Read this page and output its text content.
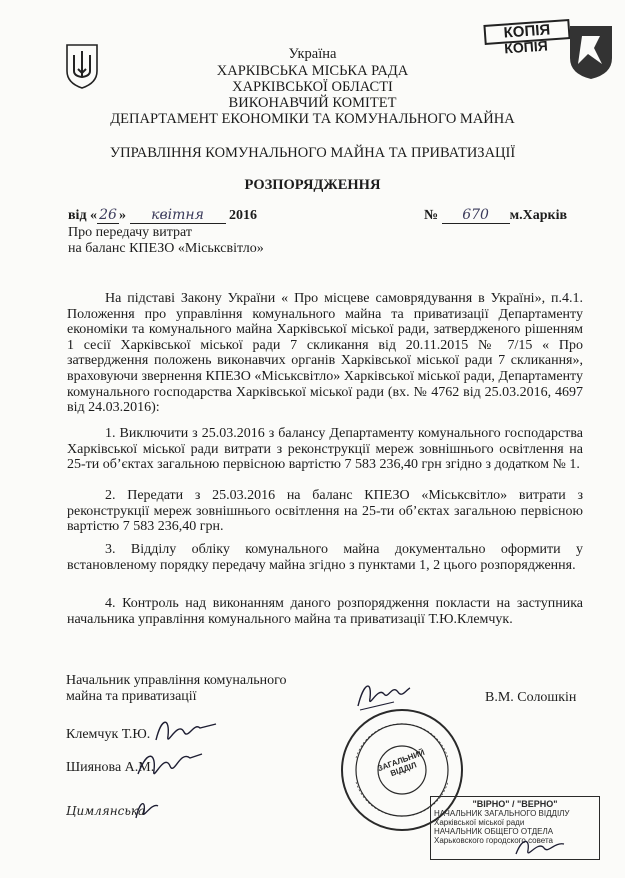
КОПІЯ
КОПІЯ
Україна
ХАРКІВСЬКА МІСЬКА РАДА
ХАРКІВСЬКОЇ ОБЛАСТІ
ВИКОНАВЧИЙ КОМІТЕТ
ДЕПАРТАМЕНТ ЕКОНОМІКИ ТА КОМУНАЛЬНОГО МАЙНА
УПРАВЛІННЯ КОМУНАЛЬНОГО МАЙНА ТА ПРИВАТИЗАЦІЇ
РОЗПОРЯДЖЕННЯ
від « 26 » квітня 2016	№ 670 м.Харків
Про передачу витрат
на баланс КПЕЗО «Міськсвітло»
На підставі Закону України « Про місцеве самоврядування в Україні», п.4.1. Положення про управління комунального майна та приватизації Департаменту економіки та комунального майна Харківської міської ради, затвердженого рішенням 1 сесії Харківської міської ради 7 скликання від 20.11.2015 № 7/15 « Про затвердження положень виконавчих органів Харківської міської ради 7 скликання», враховуючи звернення КПЕЗО «Міськсвітло» Харківської міської ради, Департаменту комунального господарства Харківської міської ради (вх. № 4762 від 25.03.2016, 4697 від 24.03.2016):
1. Виключити з 25.03.2016 з балансу Департаменту комунального господарства Харківської міської ради витрати з реконструкції мереж зовнішнього освітлення на 25-ти об’єктах загальною первісною вартістю 7 583 236,40 грн згідно з додатком № 1.
2. Передати з 25.03.2016 на баланс КПЕЗО «Міськсвітло» витрати з реконструкції мереж зовнішнього освітлення на 25-ти об’єктах загальною первісною вартістю 7 583 236,40 грн.
3. Відділу обліку комунального майна документально оформити у встановленому порядку передачу майна згідно з пунктами 1, 2 цього розпорядження.
4. Контроль над виконанням даного розпорядження покласти на заступника начальника управління комунального майна та приватизації Т.Ю.Клемчук.
Начальник управління комунального
майна та приватизації	В.М. Солошкін
Клемчук Т.Ю.
Шиянова А.М.
Цимлянська
ЗАГАЛЬНИЙ ВІДДІЛ
"ВІРНО" / "ВЕРНО"
НАЧАЛЬНИК ЗАГАЛЬНОГО ВІДДІЛУ
Харківської міської ради
НАЧАЛЬНИК ОБЩЕГО ОТДЕЛА
Харьковского городского совета
